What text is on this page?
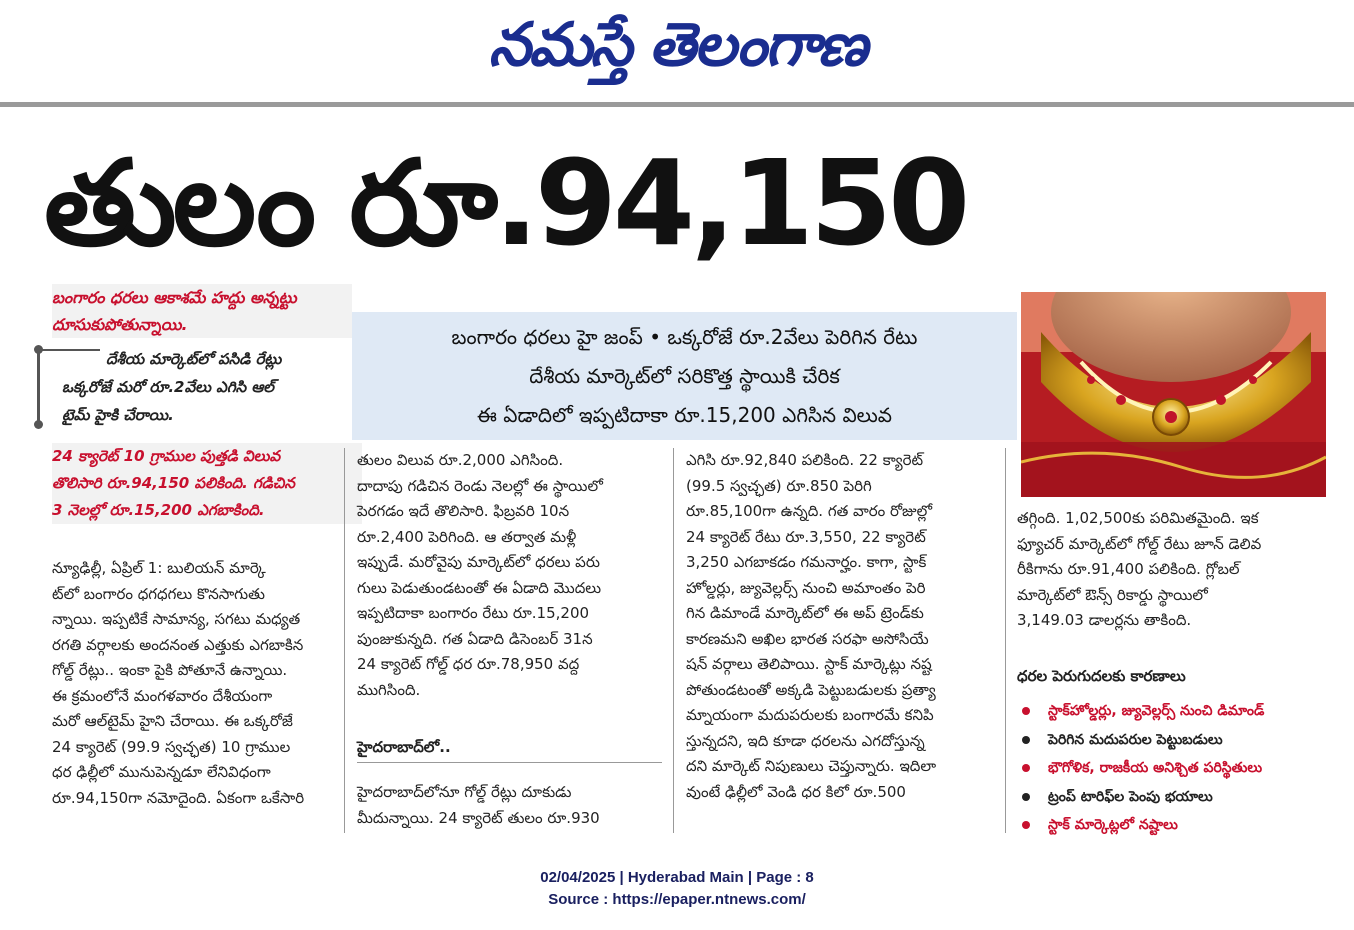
నమస్తే తెలంగాణ
తులం రూ.94,150
బంగారం ధరలు ఆకాశమే హద్దు అన్నట్టు
దూసుకుపోతున్నాయి.
దేశీయ మార్కెట్‌లో పసిడి రేట్లు
ఒక్కరోజే మరో రూ.2వేలు ఎగిసి ఆల్
టైమ్ హైకి చేరాయి.
24 క్యారెట్ 10 గ్రాముల పుత్తడి విలువ
తొలిసారి రూ.94,150 పలికింది. గడిచిన
3 నెలల్లో రూ.15,200 ఎగబాకింది.
బంగారం ధరలు హై జంప్ • ఒక్కరోజే రూ.2వేలు పెరిగిన రేటు
దేశీయ మార్కెట్‌లో సరికొత్త స్థాయికి చేరిక
ఈ ఏడాదిలో ఇప్పటిదాకా రూ.15,200 ఎగిసిన విలువ
న్యూఢిల్లీ, ఏప్రిల్ 1: బులియన్ మార్కె
ట్‌లో బంగారం ధగధగలు కొనసాగుతు
న్నాయి. ఇప్పటికే సామాన్య, సగటు మధ్యత
రగతి వర్గాలకు అందనంత ఎత్తుకు ఎగబాకిన
గోల్డ్ రేట్లు.. ఇంకా పైకి పోతూనే ఉన్నాయి.
ఈ క్రమంలోనే మంగళవారం దేశీయంగా
మరో ఆల్‌టైమ్ హైని చేరాయి. ఈ ఒక్కరోజే
24 క్యారెట్ (99.9 స్వచ్ఛత) 10 గ్రాముల
ధర ఢిల్లీలో మునుపెన్నడూ లేనివిధంగా
రూ.94,150గా నమోదైంది. ఏకంగా ఒకేసారి
తులం విలువ రూ.2,000 ఎగిసింది.
దాదాపు గడిచిన రెండు నెలల్లో ఈ స్థాయిలో
పెరగడం ఇదే తొలిసారి. ఫిబ్రవరి 10న
రూ.2,400 పెరిగింది. ఆ తర్వాత మళ్లీ
ఇప్పుడే. మరోవైపు మార్కెట్‌లో ధరలు పరు
గులు పెడుతుండటంతో ఈ ఏడాది మొదలు
ఇప్పటిదాకా బంగారం రేటు రూ.15,200
పుంజుకున్నది. గత ఏడాది డిసెంబర్ 31న
24 క్యారెట్ గోల్డ్ ధర రూ.78,950 వద్ద
ముగిసింది.
హైదరాబాద్‌లో..
హైదరాబాద్‌లోనూ గోల్డ్ రేట్లు దూకుడు
మీదున్నాయి. 24 క్యారెట్ తులం రూ.930
ఎగిసి రూ.92,840 పలికింది. 22 క్యారెట్
(99.5 స్వచ్ఛత) రూ.850 పెరిగి
రూ.85,100గా ఉన్నది. గత వారం రోజుల్లో
24 క్యారెట్ రేటు రూ.3,550, 22 క్యారెట్
3,250 ఎగబాకడం గమనార్హం. కాగా, స్టాక్
హోల్డర్లు, జ్యువెల్లర్స్ నుంచి అమాంతం పెరి
గిన డిమాండే మార్కెట్‌లో ఈ అప్ ట్రెండ్‌కు
కారణమని అఖిల భారత సరఫా అసోసియే
షన్ వర్గాలు తెలిపాయి. స్టాక్ మార్కెట్లు నష్ట
పోతుండటంతో అక్కడి పెట్టుబడులకు ప్రత్యా
మ్నాయంగా మదుపరులకు బంగారమే కనిపి
స్తున్నదని, ఇది కూడా ధరలను ఎగదోస్తున్న
దని మార్కెట్ నిపుణులు చెప్తున్నారు. ఇదిలా
వుంటే ఢిల్లీలో వెండి ధర కిలో రూ.500
తగ్గింది. 1,02,500కు పరిమితమైంది. ఇక
ఫ్యూచర్ మార్కెట్‌లో గోల్డ్ రేటు జూన్ డెలివ
రీకిగాను రూ.91,400 పలికింది. గ్లోబల్
మార్కెట్‌లో ఔన్స్ రికార్డు స్థాయిలో
3,149.03 డాలర్లను తాకింది.
ధరల పెరుగుదలకు కారణాలు
స్టాక్‌హోల్డర్లు, జ్యువెల్లర్స్ నుంచి డిమాండ్
పెరిగిన మదుపరుల పెట్టుబడులు
భౌగోళిక, రాజకీయ అనిశ్చిత పరిస్థితులు
ట్రంప్ టారిఫ్‌ల పెంపు భయాలు
స్టాక్ మార్కెట్లలో నష్టాలు
02/04/2025 | Hyderabad Main | Page : 8
Source : https://epaper.ntnews.com/
